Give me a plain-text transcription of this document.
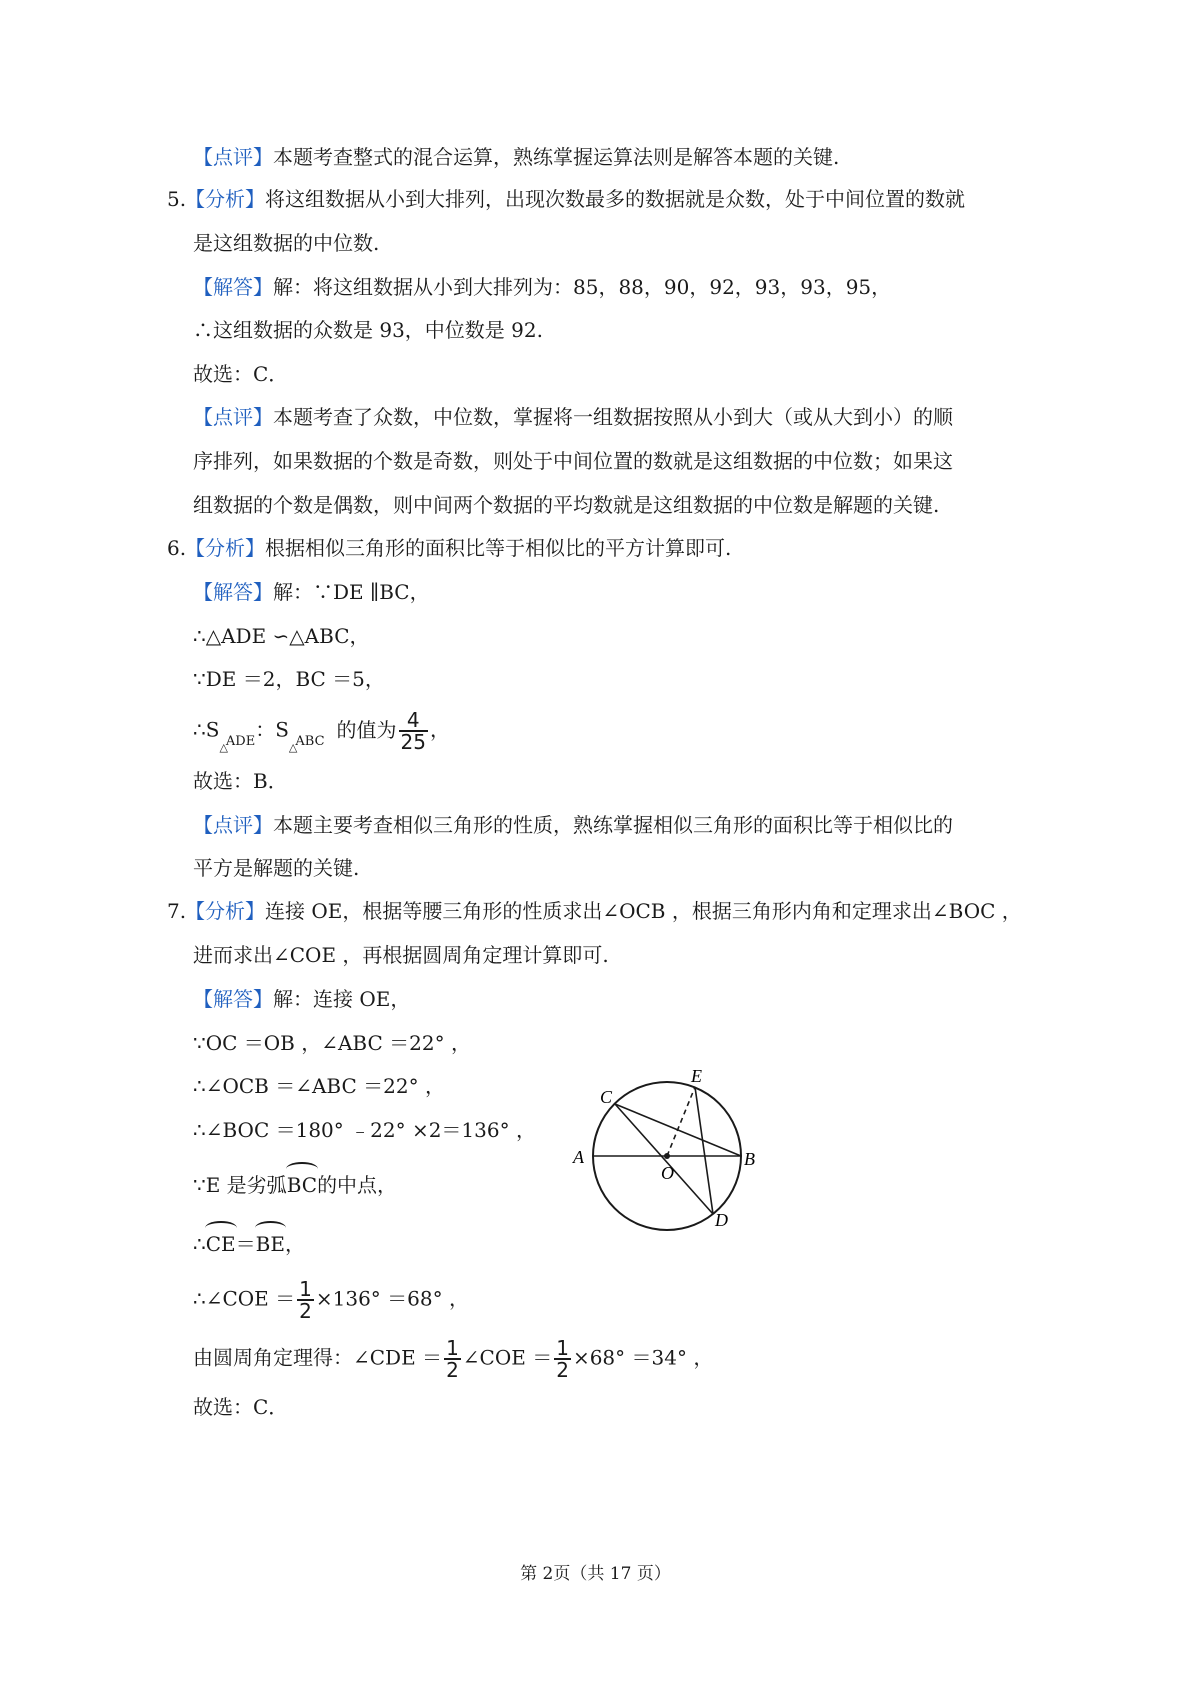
【点评】本题考查整式的混合运算，熟练掌握运算法则是解答本题的关键.
5.
【分析】将这组数据从小到大排列，出现次数最多的数据就是众数，处于中间位置的数就
是这组数据的中位数.
【解答】解：将这组数据从小到大排列为：85，88，90，92，93，93，95，
∴这组数据的众数是 93，中位数是 92.
故选：C．
【点评】本题考查了众数，中位数，掌握将一组数据按照从小到大（或从大到小）的顺
序排列，如果数据的个数是奇数，则处于中间位置的数就是这组数据的中位数；如果这
组数据的个数是偶数，则中间两个数据的平均数就是这组数据的中位数是解题的关键.
6.
【分析】根据相似三角形的面积比等于相似比的平方计算即可.
【解答】解：∵DE ∥BC，
∴△ADE ∽△ABC，
∵DE ＝2，BC ＝5，
$\therefore S_{\triangle ADE}$：$S_{\triangle ABC}$ 的值为 $\frac{4}{25}$ ，
故选：B．
【点评】本题主要考查相似三角形的性质，熟练掌握相似三角形的面积比等于相似比的
平方是解题的关键.
7.
【分析】连接 OE，根据等腰三角形的性质求出∠OCB ，根据三角形内角和定理求出∠BOC ，
进而求出∠COE ，再根据圆周角定理计算即可.
【解答】解：连接 OE，
∵OC ＝OB ，∠ABC ＝22° ，
∴∠OCB ＝∠ABC ＝22° ，
∴∠BOC ＝180° ﹣22° ×2＝136° ，
∵E 是劣弧BC的中点，
∴CE＝BE，
∴∠COE ＝ $\frac{1}{2} \times 136^\circ =68^\circ$ ，
由圆周角定理得：∠CDE ＝ $\frac{1}{2}$ ∠COE ＝ $\frac{1}{2} \times 68^\circ =34^\circ$ ，
故选：C．
A	B
C
D
E
O
第 2页（共 17 页）
